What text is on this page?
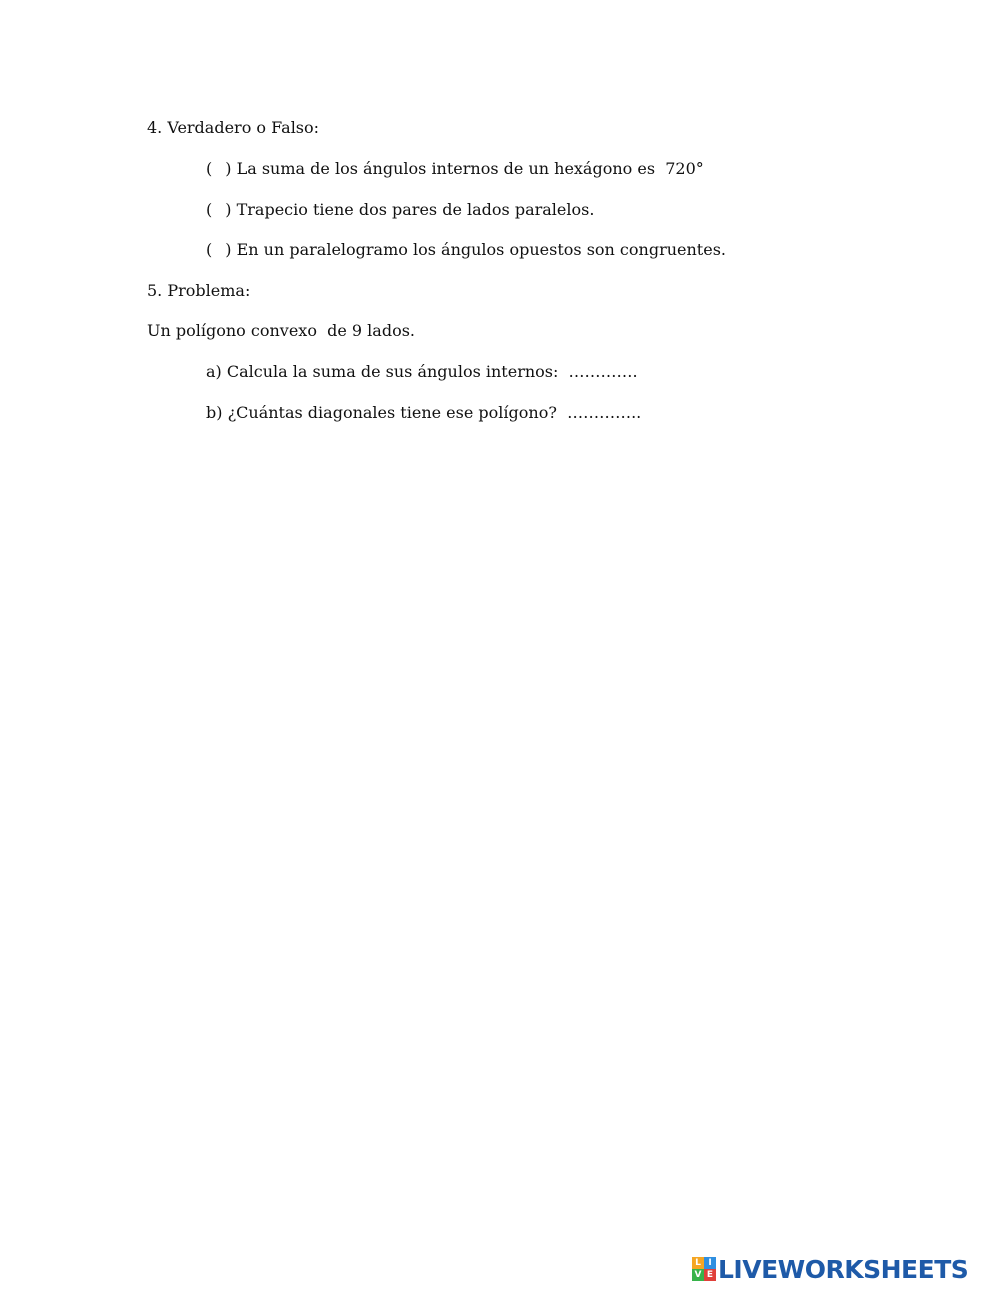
4. Verdadero o Falso:
( ) La suma de los ángulos internos de un hexágono es  720°
( ) Trapecio tiene dos pares de lados paralelos.
( ) En un paralelogramo los ángulos opuestos son congruentes.
5. Problema:
Un polígono convexo  de 9 lados.
a) Calcula la suma de sus ángulos internos:  ………….
b) ¿Cuántas diagonales tiene ese polígono?  …………..
L I
V E LIVEWORKSHEETS
